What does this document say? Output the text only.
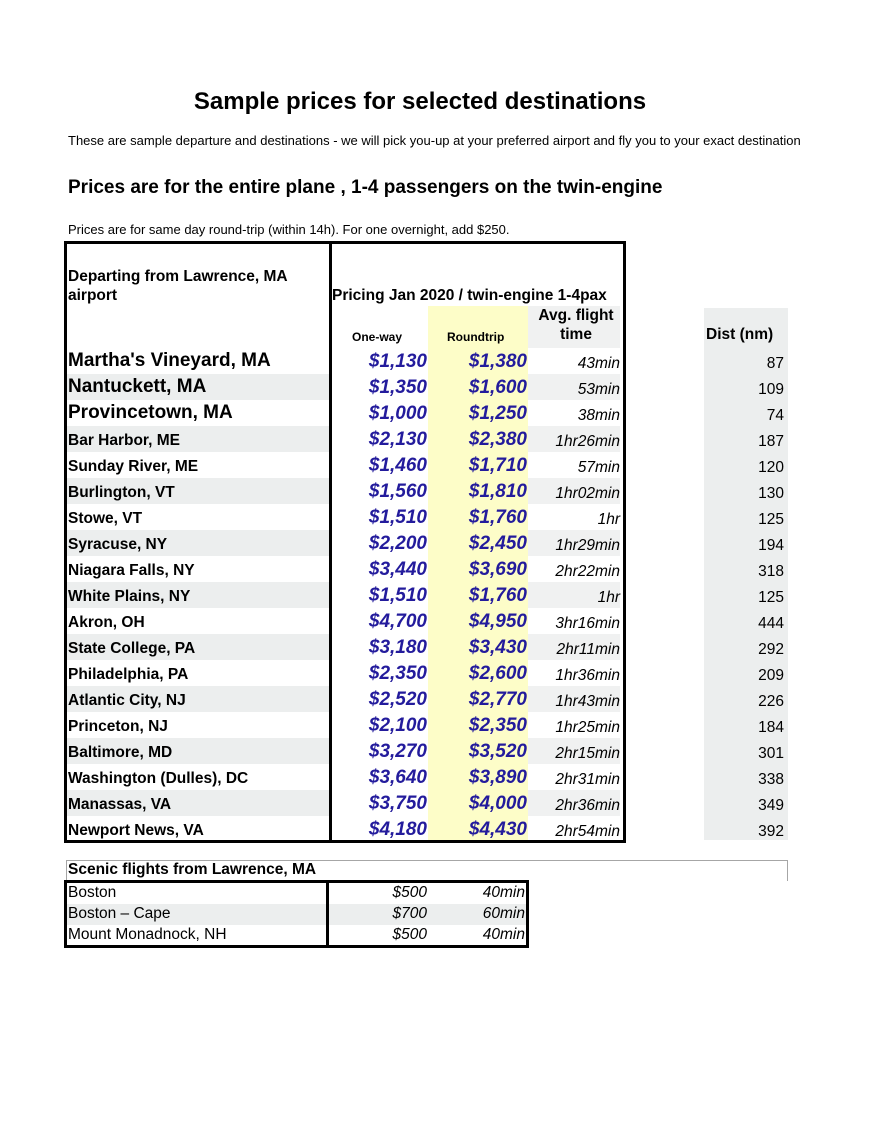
Sample prices for selected destinations
These are sample departure and destinations - we will pick you-up at your preferred airport and fly you to your exact destination
Prices are for the entire plane , 1-4 passengers on the twin-engine
Prices are for same day round-trip (within 14h). For one overnight, add $250.
Departing from Lawrence, MA airport	Pricing Jan 2020 / twin-engine 1-4pax
One-way	Roundtrip
Avg. flight time	Dist (nm)
Martha's Vineyard, MA	$1,130	$1,380	43min	87
Nantuckett, MA	$1,350	$1,600	53min	109
Provincetown, MA	$1,000	$1,250	38min	74
Bar Harbor, ME	$2,130	$2,380	1hr26min	187
Sunday River, ME	$1,460	$1,710	57min	120
Burlington, VT	$1,560	$1,810	1hr02min	130
Stowe, VT	$1,510	$1,760	1hr	125
Syracuse, NY	$2,200	$2,450	1hr29min	194
Niagara Falls, NY	$3,440	$3,690	2hr22min	318
White Plains, NY	$1,510	$1,760	1hr	125
Akron, OH	$4,700	$4,950	3hr16min	444
State College, PA	$3,180	$3,430	2hr11min	292
Philadelphia, PA	$2,350	$2,600	1hr36min	209
Atlantic City, NJ	$2,520	$2,770	1hr43min	226
Princeton, NJ	$2,100	$2,350	1hr25min	184
Baltimore, MD	$3,270	$3,520	2hr15min	301
Washington (Dulles), DC	$3,640	$3,890	2hr31min	338
Manassas, VA	$3,750	$4,000	2hr36min	349
Newport News, VA	$4,180	$4,430	2hr54min	392
Scenic flights from Lawrence, MA
Boston	$500	40min
Boston – Cape	$700	60min
Mount Monadnock, NH	$500	40min
